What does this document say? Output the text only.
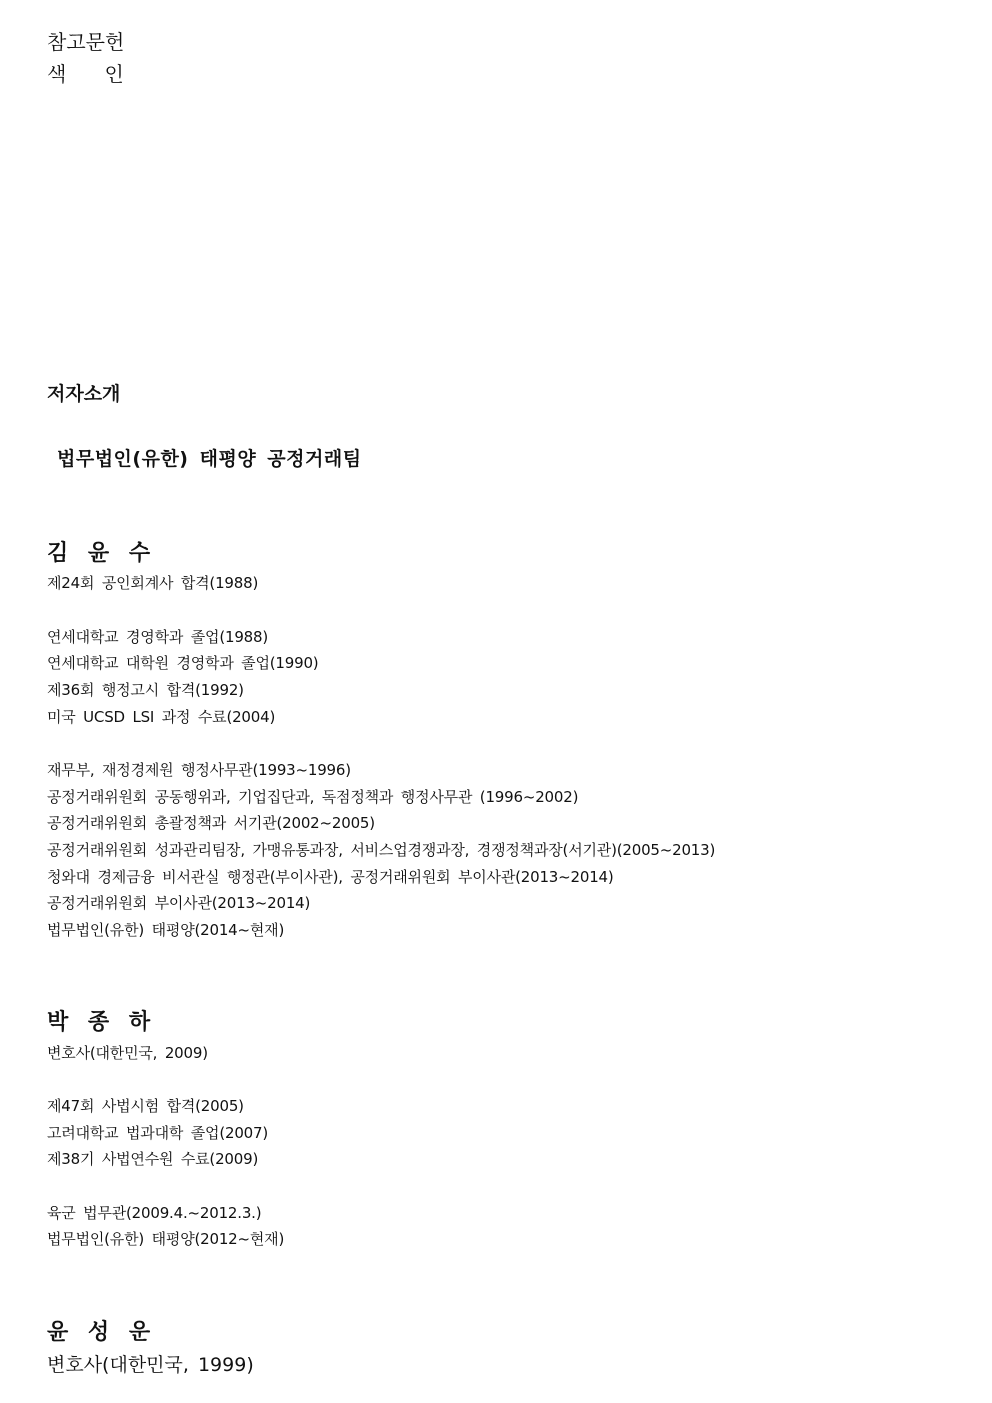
참고문헌
색      인
저자소개
법무법인(유한) 태평양 공정거래팀
김 윤 수
제24회 공인회계사 합격(1988)
연세대학교 경영학과 졸업(1988)
연세대학교 대학원 경영학과 졸업(1990)
제36회 행정고시 합격(1992)
미국 UCSD LSI 과정 수료(2004)
재무부, 재정경제원 행정사무관(1993~1996)
공정거래위원회 공동행위과, 기업집단과, 독점정책과 행정사무관 (1996~2002)
공정거래위원회 총괄정책과 서기관(2002~2005)
공정거래위원회 성과관리팀장, 가맹유통과장, 서비스업경쟁과장, 경쟁정책과장(서기관)(2005~2013)
청와대 경제금융 비서관실 행정관(부이사관), 공정거래위원회 부이사관(2013~2014)
공정거래위원회 부이사관(2013~2014)
법무법인(유한) 태평양(2014~현재)
박 종 하
변호사(대한민국, 2009)
제47회 사법시험 합격(2005)
고려대학교 법과대학 졸업(2007)
제38기 사법연수원 수료(2009)
육군 법무관(2009.4.~2012.3.)
법무법인(유한) 태평양(2012~현재)
윤 성 운
변호사(대한민국, 1999)
